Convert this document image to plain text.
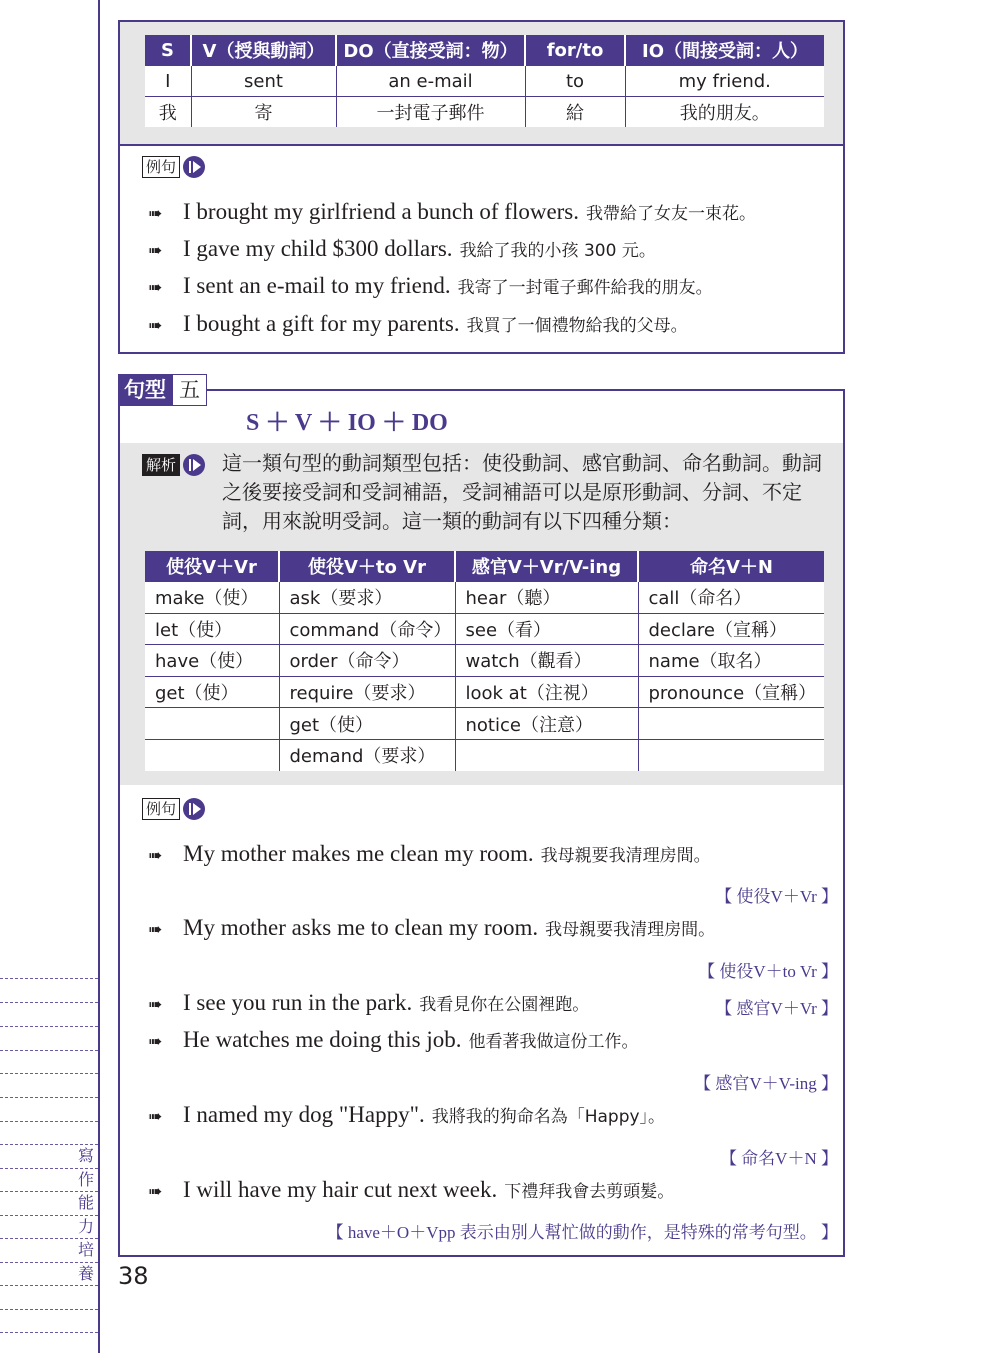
寫
作
能
力
培
養
S	V（授與動詞）	DO（直接受詞：物）	for/to	IO（間接受詞：人）
I	sent	an e-mail	to	my friend.
我	寄	一封電子郵件	給	我的朋友。
例句
➠ I brought my girlfriend a bunch of flowers. 我帶給了女友一束花。
➠ I gave my child $300 dollars. 我給了我的小孩 300 元。
➠ I sent an e-mail to my friend. 我寄了一封電子郵件給我的朋友。
➠ I bought a gift for my parents. 我買了一個禮物給我的父母。
句型 五
S ＋ V ＋ IO ＋ DO
解析 這一類句型的動詞類型包括：使役動詞、感官動詞、命名動詞。動詞之後要接受詞和受詞補語，受詞補語可以是原形動詞、分詞、不定詞，用來說明受詞。這一類的動詞有以下四種分類：
使役V＋Vr	使役V＋to Vr	感官V＋Vr/V-ing	命名V＋N
make（使）	ask（要求）	hear（聽）	call（命名）
let（使）	command（命令）	see（看）	declare（宣稱）
have（使）	order（命令）	watch（觀看）	name（取名）
get（使）	require（要求）	look at（注視）	pronounce（宣稱）
	get（使）	notice（注意）	
	demand（要求）		
例句
➠ My mother makes me clean my room. 我母親要我清理房間。
【 使役V＋Vr 】
➠ My mother asks me to clean my room. 我母親要我清理房間。
【 使役V＋to Vr 】
➠ I see you run in the park. 我看見你在公園裡跑。	【 感官V＋Vr 】
➠ He watches me doing this job. 他看著我做這份工作。
【 感官V＋V-ing 】
➠ I named my dog "Happy". 我將我的狗命名為「Happy」。
【 命名V＋N 】
➠ I will have my hair cut next week. 下禮拜我會去剪頭髮。
【 have＋O＋Vpp 表示由別人幫忙做的動作，是特殊的常考句型。 】
38
